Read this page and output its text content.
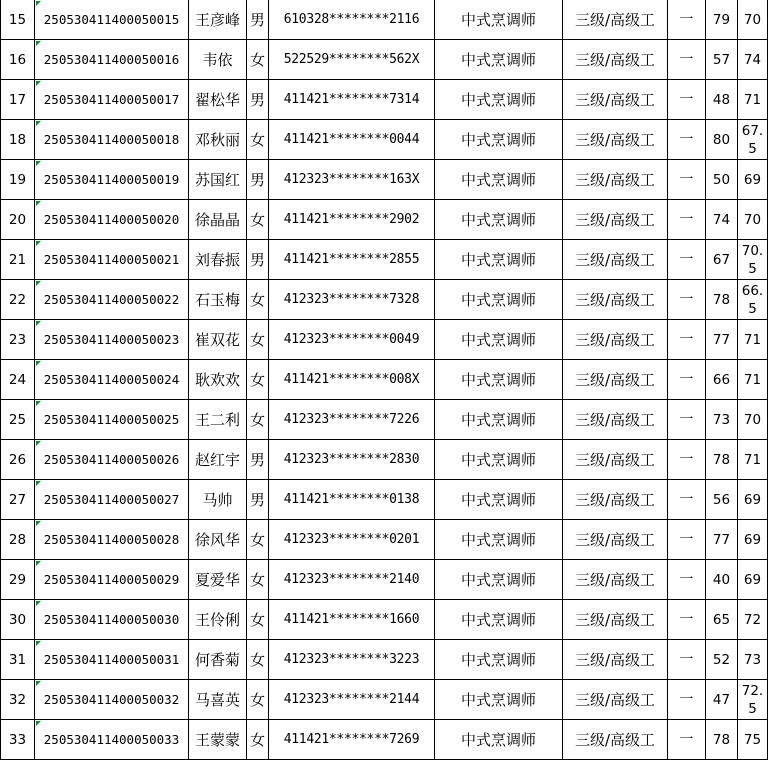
15	250530411400050015	王彦峰	男	610328********2116	中式烹调师	三级/高级工	一	79	70
16	250530411400050016	韦依	女	522529********562X	中式烹调师	三级/高级工	一	57	74
17	250530411400050017	翟松华	男	411421********7314	中式烹调师	三级/高级工	一	48	71
18	250530411400050018	邓秋丽	女	411421********0044	中式烹调师	三级/高级工	一	80	67.5
19	250530411400050019	苏国红	男	412323********163X	中式烹调师	三级/高级工	一	50	69
20	250530411400050020	徐晶晶	女	411421********2902	中式烹调师	三级/高级工	一	74	70
21	250530411400050021	刘春振	男	411421********2855	中式烹调师	三级/高级工	一	67	70.5
22	250530411400050022	石玉梅	女	412323********7328	中式烹调师	三级/高级工	一	78	66.5
23	250530411400050023	崔双花	女	412323********0049	中式烹调师	三级/高级工	一	77	71
24	250530411400050024	耿欢欢	女	411421********008X	中式烹调师	三级/高级工	一	66	71
25	250530411400050025	王二利	女	412323********7226	中式烹调师	三级/高级工	一	73	70
26	250530411400050026	赵红宇	男	412323********2830	中式烹调师	三级/高级工	一	78	71
27	250530411400050027	马帅	男	411421********0138	中式烹调师	三级/高级工	一	56	69
28	250530411400050028	徐风华	女	412323********0201	中式烹调师	三级/高级工	一	77	69
29	250530411400050029	夏爱华	女	412323********2140	中式烹调师	三级/高级工	一	40	69
30	250530411400050030	王伶俐	女	411421********1660	中式烹调师	三级/高级工	一	65	72
31	250530411400050031	何香菊	女	412323********3223	中式烹调师	三级/高级工	一	52	73
32	250530411400050032	马喜英	女	412323********2144	中式烹调师	三级/高级工	一	47	72.5
33	250530411400050033	王蒙蒙	女	411421********7269	中式烹调师	三级/高级工	一	78	75
